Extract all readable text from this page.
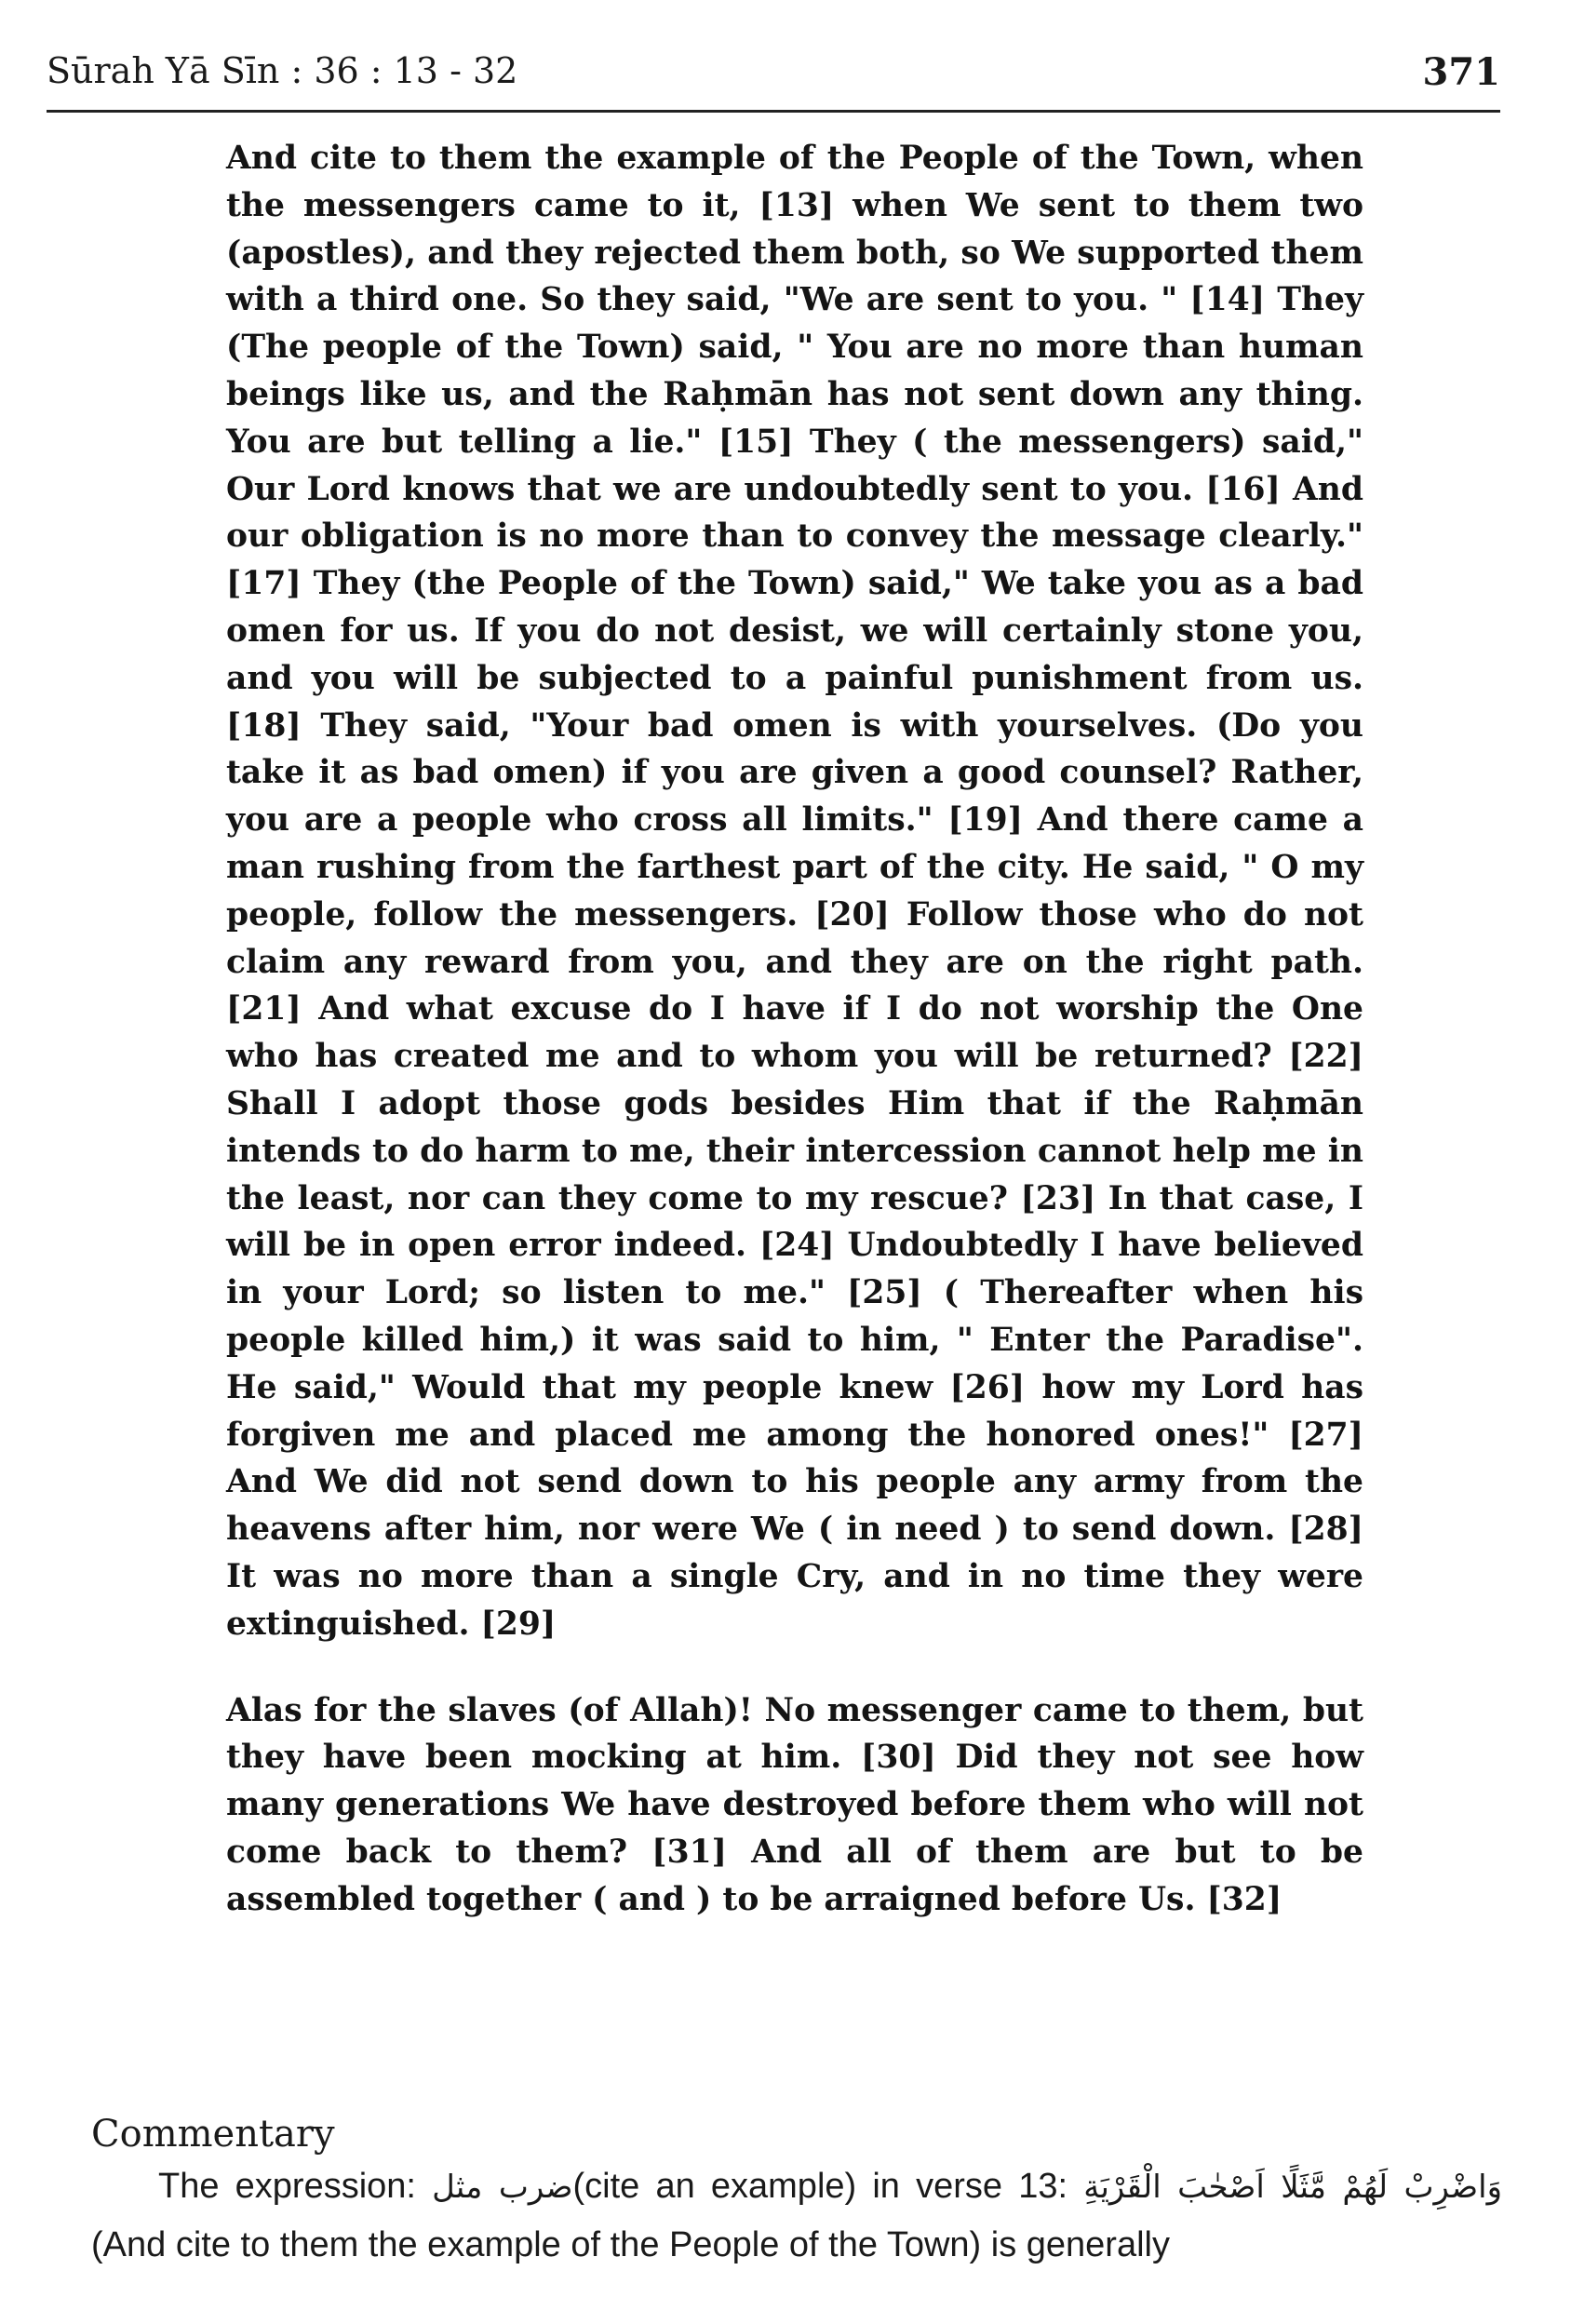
Sūrah Yā Sīn : 36 : 13 - 32	371

And cite to them the example of the People of the Town, when the messengers came to it, [13] when We sent to them two (apostles), and they rejected them both, so We supported them with a third one. So they said, "We are sent to you. " [14] They (The people of the Town) said, " You are no more than human beings like us, and the Raḥmān has not sent down any thing. You are but telling a lie." [15] They ( the messengers) said," Our Lord knows that we are undoubtedly sent to you. [16] And our obligation is no more than to convey the message clearly." [17] They (the People of the Town) said," We take you as a bad omen for us. If you do not desist, we will certainly stone you, and you will be subjected to a painful punishment from us. [18] They said, "Your bad omen is with yourselves. (Do you take it as bad omen) if you are given a good counsel? Rather, you are a people who cross all limits." [19] And there came a man rushing from the farthest part of the city. He said, " O my people, follow the messengers. [20] Follow those who do not claim any reward from you, and they are on the right path. [21] And what excuse do I have if I do not worship the One who has created me and to whom you will be returned? [22] Shall I adopt those gods besides Him that if the Raḥmān intends to do harm to me, their intercession cannot help me in the least, nor can they come to my rescue? [23] In that case, I will be in open error indeed. [24] Undoubtedly I have believed in your Lord; so listen to me." [25] ( Thereafter when his people killed him,) it was said to him, " Enter the Paradise". He said," Would that my people knew [26] how my Lord has forgiven me and placed me among the honored ones!" [27] And We did not send down to his people any army from the heavens after him, nor were We ( in need ) to send down. [28] It was no more than a single Cry, and in no time they were extinguished. [29]

Alas for the slaves (of Allah)! No messenger came to them, but they have been mocking at him. [30] Did they not see how many generations We have destroyed before them who will not come back to them? [31] And all of them are but to be assembled together ( and ) to be arraigned before Us. [32]

Commentary

The expression: ضرب مثل(cite an example) in verse 13: وَاضْرِبْ لَهُمْ مَّثَلًا اَصْحٰبَ الْقَرْيَةِ (And cite to them the example of the People of the Town) is generally
